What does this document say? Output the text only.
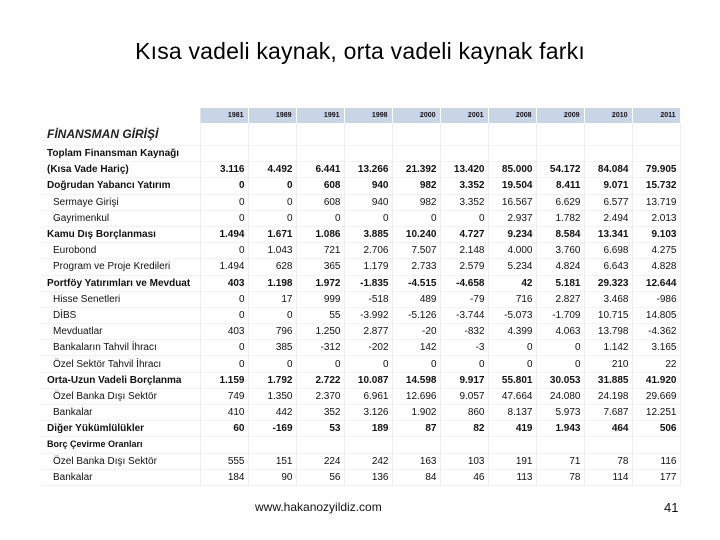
Kısa vadeli kaynak, orta vadeli kaynak farkı
	1981	1989	1991	1998	2000	2001	2008	2009	2010	2011
FİNANSMAN GİRİŞİ										
Toplam Finansman Kaynağı										
(Kısa Vade Hariç)	3.116	4.492	6.441	13.266	21.392	13.420	85.000	54.172	84.084	79.905
Doğrudan Yabancı Yatırım	0	0	608	940	982	3.352	19.504	8.411	9.071	15.732
Sermaye Girişi	0	0	608	940	982	3.352	16.567	6.629	6.577	13.719
Gayrimenkul	0	0	0	0	0	0	2.937	1.782	2.494	2.013
Kamu Dış Borçlanması	1.494	1.671	1.086	3.885	10.240	4.727	9.234	8.584	13.341	9.103
Eurobond	0	1.043	721	2.706	7.507	2.148	4.000	3.760	6.698	4.275
Program ve Proje Kredileri	1.494	628	365	1.179	2.733	2.579	5.234	4.824	6.643	4.828
Portföy Yatırımları ve Mevduat	403	1.198	1.972	-1.835	-4.515	-4.658	42	5.181	29.323	12.644
Hisse Senetleri	0	17	999	-518	489	-79	716	2.827	3.468	-986
DİBS	0	0	55	-3.992	-5.126	-3.744	-5.073	-1.709	10.715	14.805
Mevduatlar	403	796	1.250	2.877	-20	-832	4.399	4.063	13.798	-4.362
Bankaların Tahvil İhracı	0	385	-312	-202	142	-3	0	0	1.142	3.165
Özel Sektör Tahvil İhracı	0	0	0	0	0	0	0	0	210	22
Orta-Uzun Vadeli Borçlanma	1.159	1.792	2.722	10.087	14.598	9.917	55.801	30.053	31.885	41.920
Özel Banka Dışı Sektör	749	1.350	2.370	6.961	12.696	9.057	47.664	24.080	24.198	29.669
Bankalar	410	442	352	3.126	1.902	860	8.137	5.973	7.687	12.251
Diğer Yükümlülükler	60	-169	53	189	87	82	419	1.943	464	506
Borç Çevirme Oranları										
Özel Banka Dışı Sektör	555	151	224	242	163	103	191	71	78	116
Bankalar	184	90	56	136	84	46	113	78	114	177
www.hakanozyildiz.com	41
